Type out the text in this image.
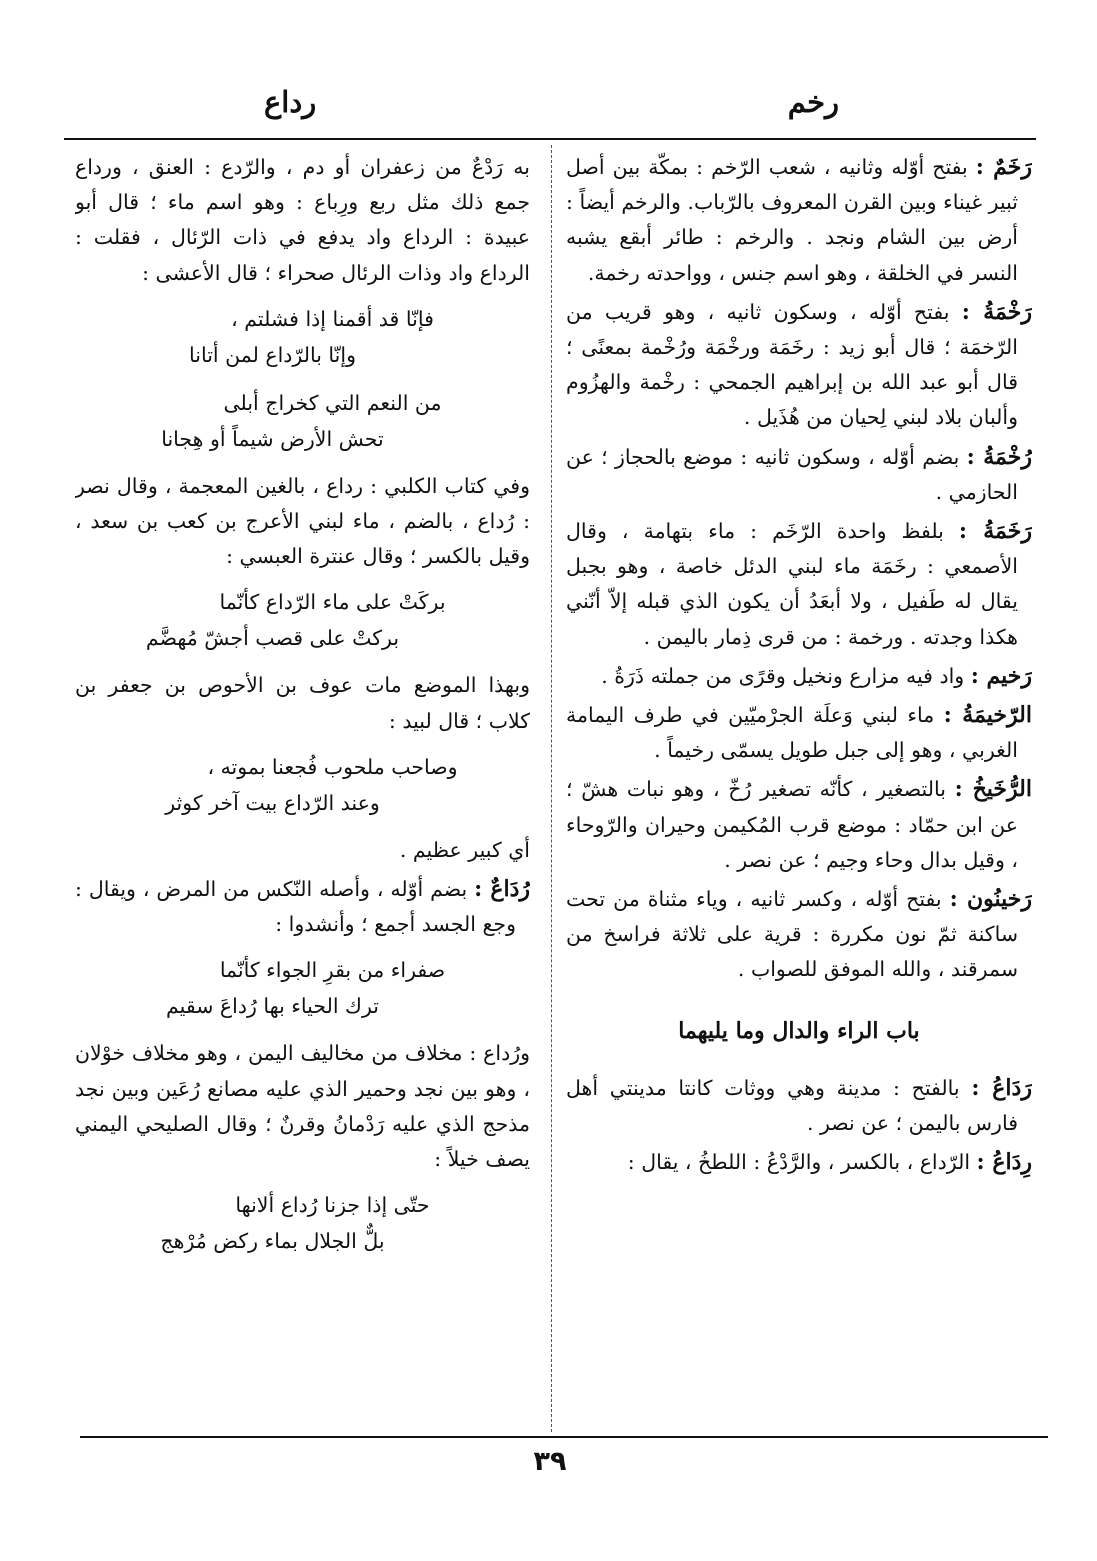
رخم
رداع

رَخَمٌ : بفتح أوّله وثانيه ، شعب الرّخم : بمكّة بين أصل ثبير غيناء وبين القرن المعروف بالرّباب. والرخم أيضاً : أرض بين الشام ونجد . والرخم : طائر أبقع يشبه النسر في الخلقة ، وهو اسم جنس ، وواحدته رخمة.

رَخْمَةُ : بفتح أوّله ، وسكون ثانيه ، وهو قريب من الرّخمَة ؛ قال أبو زيد : رخَمَة ورخْمَة ورُخْمة بمعنًى ؛ قال أبو عبد الله بن إبراهيم الجمحي : رخْمة والهزُوم وألبان بلاد لبني لِحيان من هُذَيل .

رُخْمَةُ : بضم أوّله ، وسكون ثانيه : موضع بالحجاز ؛ عن الحازمي .

رَخَمَةُ : بلفظ واحدة الرّخَم : ماء بتهامة ، وقال الأصمعي : رخَمَة ماء لبني الدئل خاصة ، وهو بجبل يقال له طَفيل ، ولا أبعَدُ أن يكون الذي قبله إلاّ أنّني هكذا وجدته . ورخمة : من قرى ذِمار باليمن .

رَخيم : واد فيه مزارع ونخيل وقرًى من جملته ذَرَةُ .

الرّخيمَةُ : ماء لبني وَعلَة الجرْميّين في طرف اليمامة الغربي ، وهو إلى جبل طويل يسمّى رخيماً .

الرُّخَيخُ : بالتصغير ، كأنّه تصغير رُخّ ، وهو نبات هشّ ؛ عن ابن حمّاد : موضع قرب المُكيمن وحيران والرّوحاء ، وقيل بدال وحاء وجيم ؛ عن نصر .

رَخينُون : بفتح أوّله ، وكسر ثانيه ، وياء مثناة من تحت ساكنة ثمّ نون مكررة : قرية على ثلاثة فراسخ من سمرقند ، والله الموفق للصواب .

باب الراء والدال وما يليهما

رَدَاعُ : بالفتح : مدينة وهي ووثات كانتا مدينتي أهل فارس باليمن ؛ عن نصر .

رِدَاعُ : الرّداع ، بالكسر ، والرَّدْعُ : اللطخُ ، يقال :

به رَدْعٌ من زعفران أو دم ، والرّدع : العنق ، ورداع جمع ذلك مثل ربع ورِباع : وهو اسم ماء ؛ قال أبو عبيدة : الرداع واد يدفع في ذات الرّئال ، فقلت : الرداع واد وذات الرئال صحراء ؛ قال الأعشى :

فإنّا قد أقمنا إذا فشلتم ،
وإنّا بالرّداع لمن أتانا
من النعم التي كخراج أبلى
تحش الأرض شيماً أو هِجانا

وفي كتاب الكلبي : رداع ، بالغين المعجمة ، وقال نصر : رُداع ، بالضم ، ماء لبني الأعرج بن كعب بن سعد ، وقيل بالكسر ؛ وقال عنترة العبسي :

بركَتْ على ماء الرّداع كأنّما
بركتْ على قصب أجشّ مُهضَّم

وبهذا الموضع مات عوف بن الأحوص بن جعفر بن كلاب ؛ قال لبيد :

وصاحب ملحوب فُجعنا بموته ،
وعند الرّداع بيت آخر كوثر

أي كبير عظيم .

رُدَاعٌ : بضم أوّله ، وأصله النّكس من المرض ، ويقال : وجع الجسد أجمع ؛ وأنشدوا :

صفراء من بقرِ الجواء كأنّما
ترك الحياء بها رُداعَ سقيم

ورُداع : مخلاف من مخاليف اليمن ، وهو مخلاف خوْلان ، وهو بين نجد وحمير الذي عليه مصانع رُعَين وبين نجد مذحج الذي عليه رَدْمانُ وقرنٌ ؛ وقال الصليحي اليمني يصف خيلاً :

حتّى إذا جزنا رُداع ألانها
بلٌّ الجلال بماء ركض مُرْهج
٣٩
